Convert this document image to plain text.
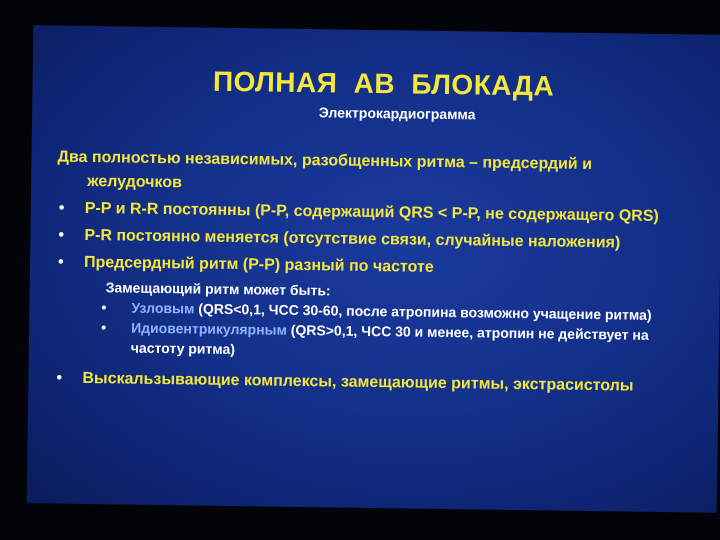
ПОЛНАЯ АВ БЛОКАДА
Электрокардиограмма
Два полностью независимых, разобщенных ритма – предсердий и
желудочков
• P-P и R-R постоянны (P-P, содержащий QRS < P-P, не содержащего QRS)
• P-R постоянно меняется (отсутствие связи, случайные наложения)
• Предсердный ритм (P-P) разный по частоте
Замещающий ритм может быть:
• Узловым (QRS<0,1, ЧСС 30-60, после атропина возможно учащение ритма)
• Идиовентрикулярным (QRS>0,1, ЧСС 30 и менее, атропин не действует на частоту ритма)
• Выскальзывающие комплексы, замещающие ритмы, экстрасистолы
